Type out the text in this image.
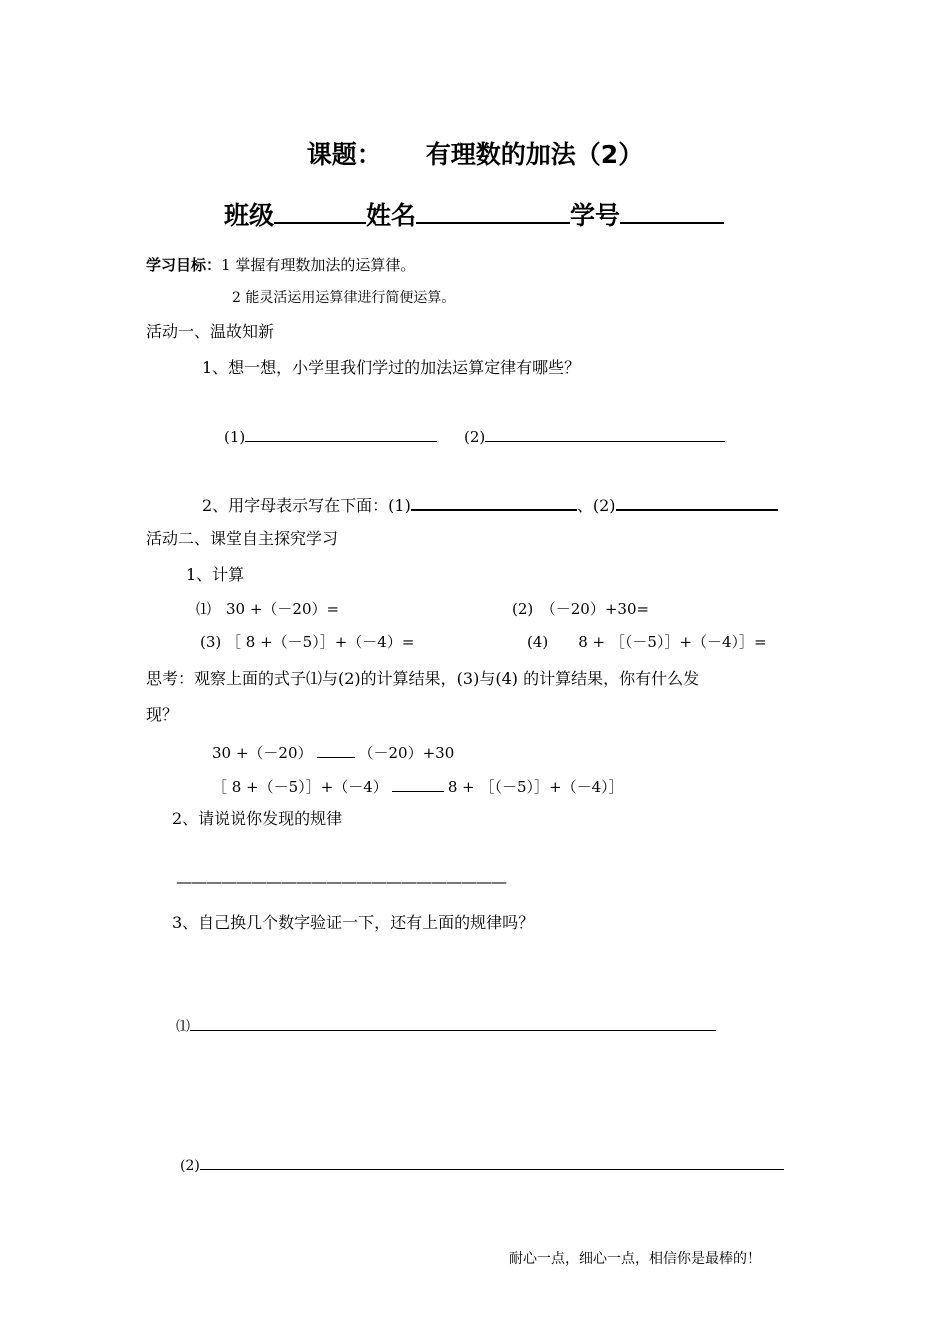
课题： 有理数的加法（2）
班级	姓名	学号
学习目标：1 掌握有理数加法的运算律。
2 能灵活运用运算律进行简便运算。
活动一、温故知新
1、想一想，小学里我们学过的加法运算定律有哪些？
(1)	(2)
2、用字母表示写在下面：(1)	、(2)
活动二、课堂自主探究学习
1、计算
⑴　30 +（－20）=	(2)　（－20）+30=
(3) ［ 8 +（－5）］+（－4）=	(4)　　8 + ［（－5）］+（－4）］=
思考：观察上面的式子⑴与(2)的计算结果，(3)与(4) 的计算结果，你有什么发
现？
30 +（－20）	（－20）+30
［ 8 +（－5）］+（－4）	8 + ［（－5）］+（－4）］
2、请说说你发现的规律
——————————————————————
3、自己换几个数字验证一下，还有上面的规律吗？
⑴
(2)
耐心一点，细心一点，相信你是最棒的！
